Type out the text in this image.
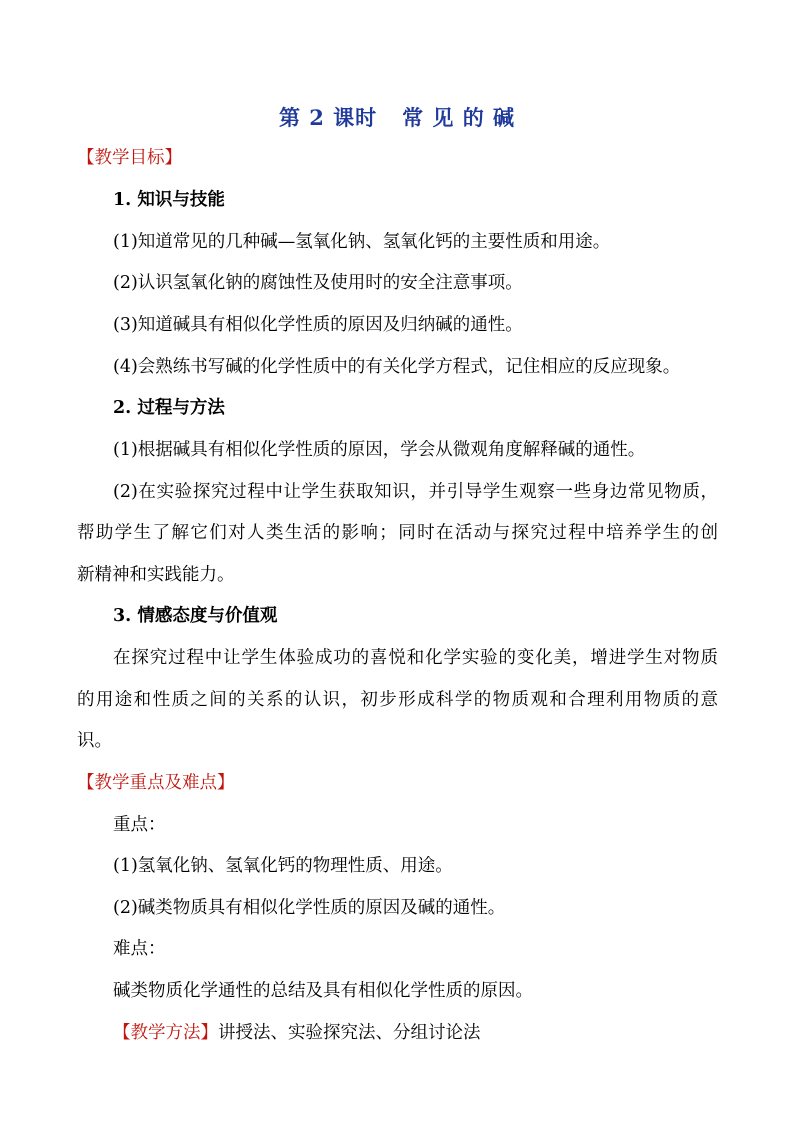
第 2 课时   常 见 的 碱
【教学目标】
1. 知识与技能
(1)知道常见的几种碱—氢氧化钠、氢氧化钙的主要性质和用途。
(2)认识氢氧化钠的腐蚀性及使用时的安全注意事项。
(3)知道碱具有相似化学性质的原因及归纳碱的通性。
(4)会熟练书写碱的化学性质中的有关化学方程式，记住相应的反应现象。
2. 过程与方法
(1)根据碱具有相似化学性质的原因，学会从微观角度解释碱的通性。
(2)在实验探究过程中让学生获取知识，并引导学生观察一些身边常见物质，
帮助学生了解它们对人类生活的影响；同时在活动与探究过程中培养学生的创
新精神和实践能力。
3. 情感态度与价值观
在探究过程中让学生体验成功的喜悦和化学实验的变化美，增进学生对物质
的用途和性质之间的关系的认识，初步形成科学的物质观和合理利用物质的意
识。
【教学重点及难点】
重点：
(1)氢氧化钠、氢氧化钙的物理性质、用途。
(2)碱类物质具有相似化学性质的原因及碱的通性。
难点：
碱类物质化学通性的总结及具有相似化学性质的原因。
【教学方法】讲授法、实验探究法、分组讨论法
